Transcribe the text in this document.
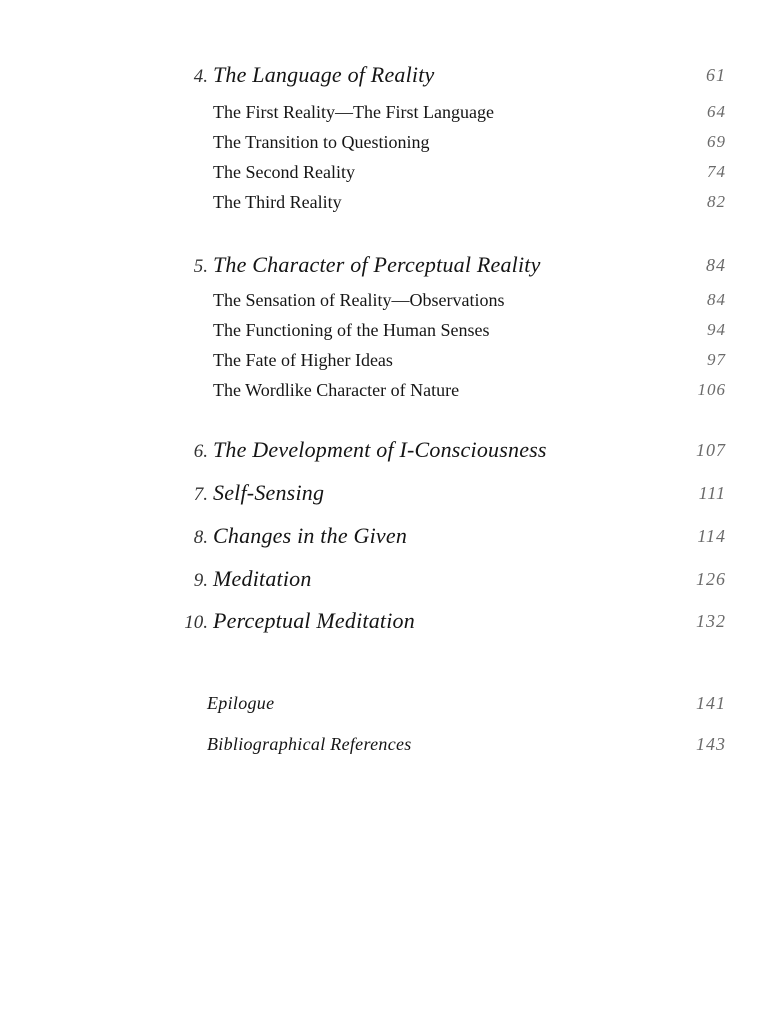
4. The Language of Reality	61
The First Reality—The First Language	64
The Transition to Questioning	69
The Second Reality	74
The Third Reality	82
5. The Character of Perceptual Reality	84
The Sensation of Reality—Observations	84
The Functioning of the Human Senses	94
The Fate of Higher Ideas	97
The Wordlike Character of Nature	106
6. The Development of I-Consciousness	107
7. Self-Sensing	111
8. Changes in the Given	114
9. Meditation	126
10. Perceptual Meditation	132
Epilogue	141
Bibliographical References	143
